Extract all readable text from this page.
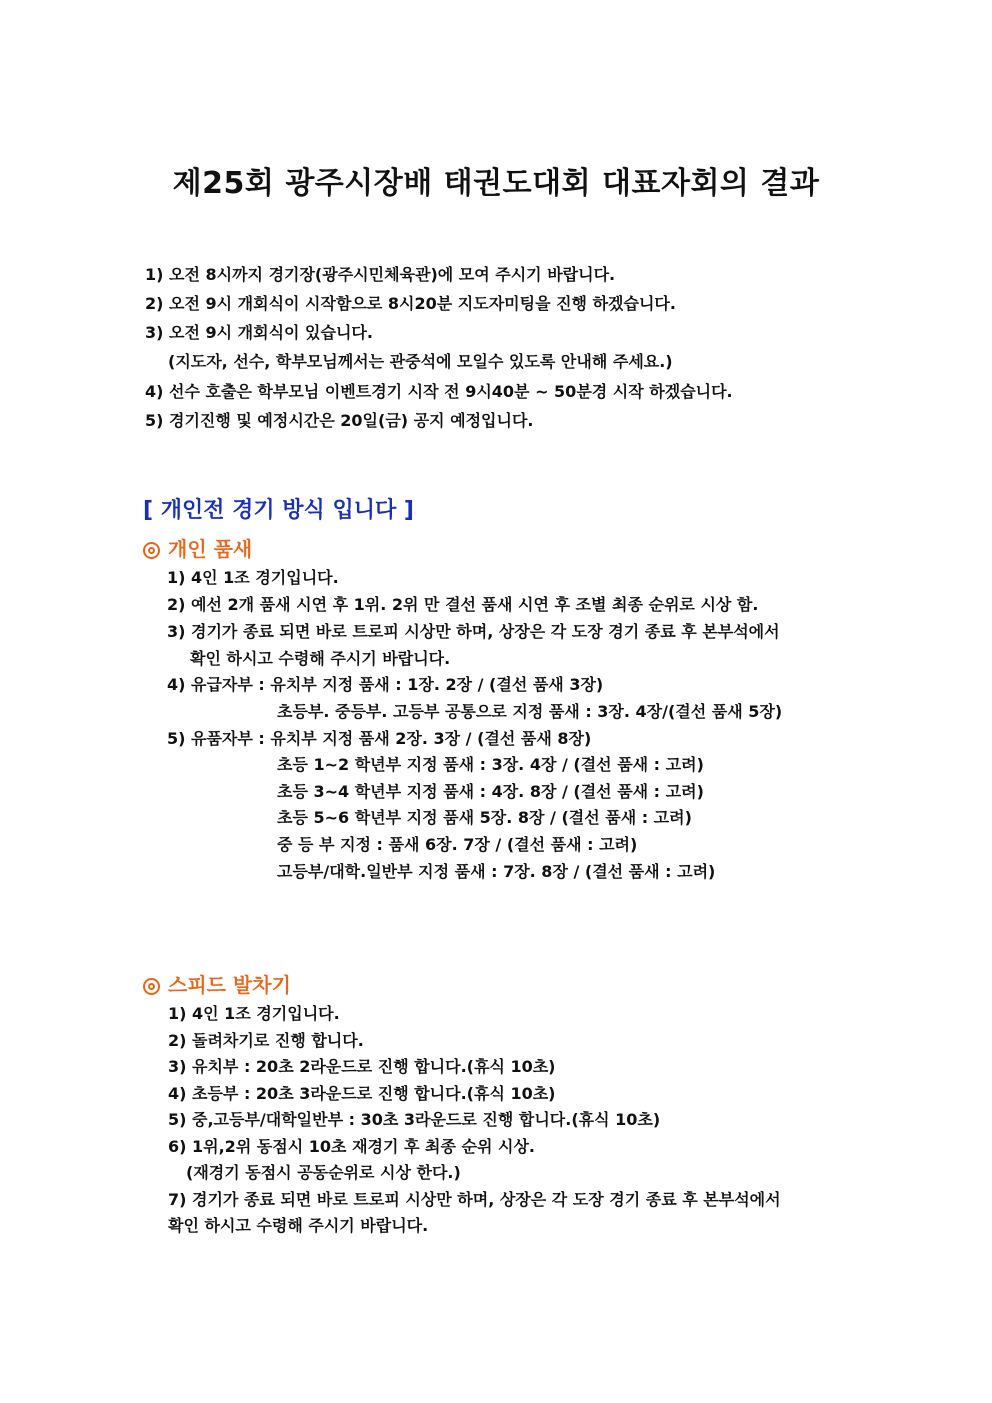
제25회 광주시장배 태권도대회 대표자회의 결과
1) 오전 8시까지 경기장(광주시민체육관)에 모여 주시기 바랍니다.
2) 오전 9시 개회식이 시작함으로 8시20분 지도자미팅을 진행 하겠습니다.
3) 오전 9시 개회식이 있습니다.
(지도자, 선수, 학부모님께서는 관중석에 모일수 있도록 안내해 주세요.)
4) 선수 호출은 학부모님 이벤트경기 시작 전 9시40분 ~ 50분경 시작 하겠습니다.
5) 경기진행 및 예정시간은 20일(금) 공지 예정입니다.
[ 개인전 경기 방식 입니다 ]
개인 품새
1) 4인 1조 경기입니다.
2) 예선 2개 품새 시연 후 1위. 2위 만 결선 품새 시연 후 조별 최종 순위로 시상 함.
3) 경기가 종료 되면 바로 트로피 시상만 하며, 상장은 각 도장 경기 종료 후 본부석에서
확인 하시고 수령해 주시기 바랍니다.
4) 유급자부 : 유치부 지정 품새 : 1장. 2장 / (결선 품새 3장)
초등부. 중등부. 고등부 공통으로 지정 품새 : 3장. 4장/(결선 품새 5장)
5) 유품자부 : 유치부 지정 품새 2장. 3장 / (결선 품새 8장)
초등 1~2 학년부 지정 품새 : 3장. 4장 / (결선 품새 : 고려)
초등 3~4 학년부 지정 품새 : 4장. 8장 / (결선 품새 : 고려)
초등 5~6 학년부 지정 품새 5장. 8장 / (결선 품새 : 고려)
중 등 부 지정 : 품새 6장. 7장 / (결선 품새 : 고려)
고등부/대학.일반부 지정 품새 : 7장. 8장 / (결선 품새 : 고려)
스피드 발차기
1) 4인 1조 경기입니다.
2) 돌려차기로 진행 합니다.
3) 유치부 : 20초 2라운드로 진행 합니다.(휴식 10초)
4) 초등부 : 20초 3라운드로 진행 합니다.(휴식 10초)
5) 중,고등부/대학일반부 : 30초 3라운드로 진행 합니다.(휴식 10초)
6) 1위,2위 동점시 10초 재경기 후 최종 순위 시상.
(재경기 동점시 공동순위로 시상 한다.)
7) 경기가 종료 되면 바로 트로피 시상만 하며, 상장은 각 도장 경기 종료 후 본부석에서
확인 하시고 수령해 주시기 바랍니다.
